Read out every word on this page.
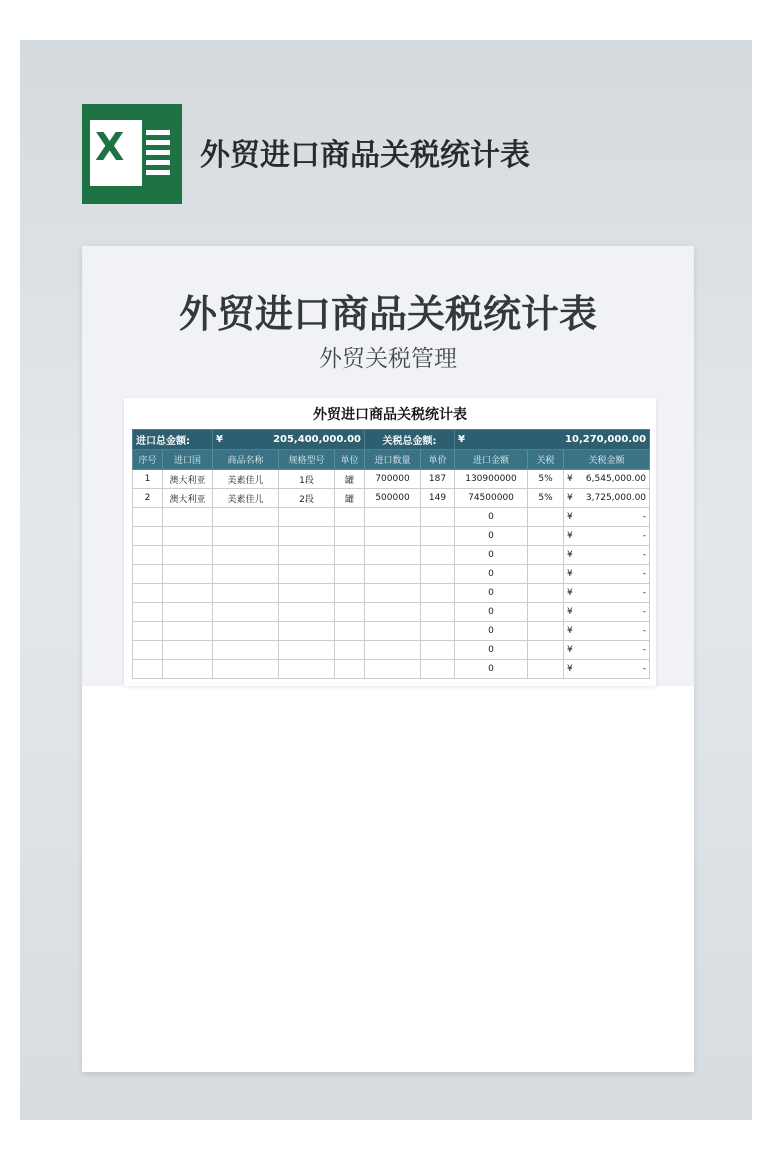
X	外贸进口商品关税统计表
外贸进口商品关税统计表
外贸关税管理
外贸进口商品关税统计表
进口总金额:		¥ 205,400,000.00			关税总金额:		¥ 10,270,000.00		

序号	进口国	商品名称	规格型号	单位	进口数量	单价	进口金额	关税	关税金额
1	澳大利亚	美素佳儿	1段	罐	700000	187	130900000	5%	¥ 6,545,000.00

2	澳大利亚	美素佳儿	2段	罐	500000	149	74500000	5%	¥ 3,725,000.00

							0		¥ -

							0		¥ -

							0		¥ -

							0		¥ -

							0		¥ -

							0		¥ -

							0		¥ -

							0		¥ -

							0		¥ -
